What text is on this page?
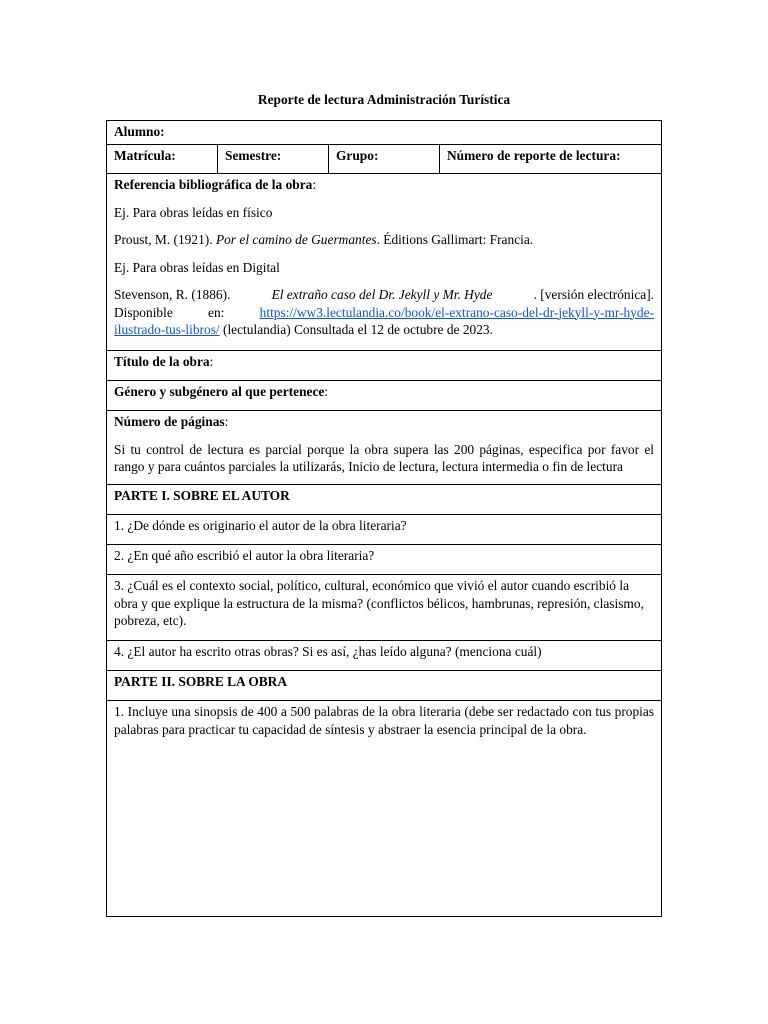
Reporte de lectura Administración Turística
Alumno:
Matrícula:	Semestre:	Grupo:	Número de reporte de lectura:

Referencia bibliográfica de la obra:

Ej. Para obras leídas en físico

Proust, M. (1921). Por el camino de Guermantes. Éditions Gallimart: Francia.

Ej. Para obras leídas en Digital

Stevenson, R. (1886).	El extraño caso del Dr. Jekyll y Mr. Hyde	. [versión electrónica].
Disponible	en:	https://ww3.lectulandia.co/book/el-extrano-caso-del-dr-jekyll-y-mr-hyde-
ilustrado-tus-libros/ (lectulandia) Consultada el 12 de octubre de 2023.

Título de la obra:
Género y subgénero al que pertenece:

Número de páginas:

Si tu control de lectura es parcial porque la obra supera las 200 páginas, especifica por favor el rango y para cuántos parciales la utilizarás, Inicio de lectura, lectura intermedia o fin de lectura

PARTE I. SOBRE EL AUTOR
1. ¿De dónde es originario el autor de la obra literaria?
2. ¿En qué año escribió el autor la obra literaria?
3. ¿Cuál es el contexto social, político, cultural, económico que vivió el autor cuando escribió la obra y que explique la estructura de la misma? (conflictos bélicos, hambrunas, represión, clasismo, pobreza, etc).
4. ¿El autor ha escrito otras obras? Si es así, ¿has leído alguna? (menciona cuál)
PARTE II. SOBRE LA OBRA
1. Incluye una sinopsis de 400 a 500 palabras de la obra literaria (debe ser redactado con tus propias palabras para practicar tu capacidad de síntesis y abstraer la esencia principal de la obra.
